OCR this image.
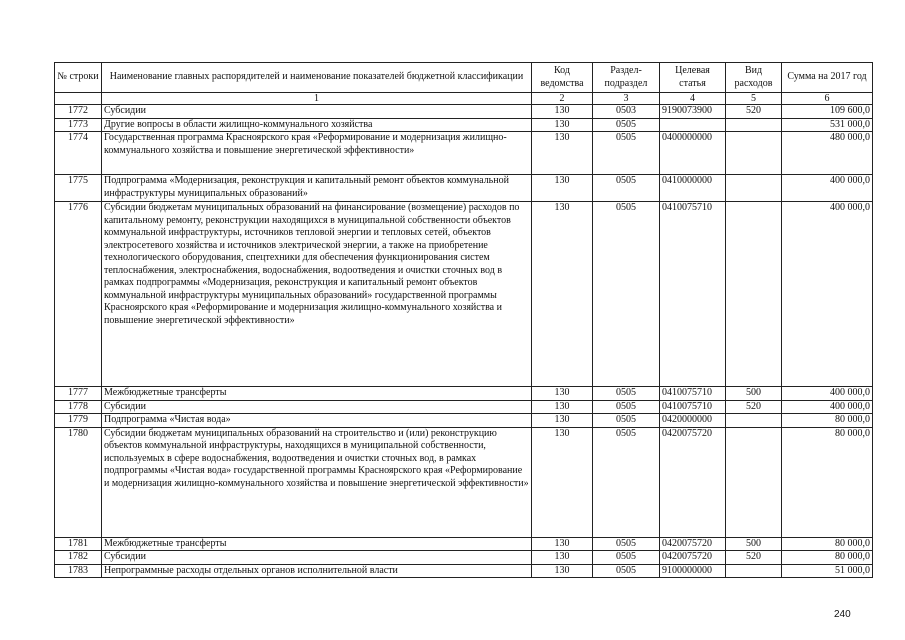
№ строки	Наименование главных распорядителей и наименование показателей бюджетной классификации	Код ведомства	Раздел-подраздел	Целевая статья	Вид расходов	Сумма на 2017 год
	1	2	3	4	5	6
1772	Субсидии	130	0503	9190073900	520	109 600,0
1773	Другие вопросы в области жилищно-коммунального хозяйства	130	0505			531 000,0
1774	Государственная программа Красноярского края «Реформирование и модернизация жилищно-коммунального хозяйства и повышение энергетической эффективности»	130	0505	0400000000		480 000,0
1775	Подпрограмма «Модернизация, реконструкция и капитальный ремонт объектов коммунальной инфраструктуры муниципальных образований»	130	0505	0410000000		400 000,0
1776	Субсидии бюджетам муниципальных образований на финансирование (возмещение) расходов по капитальному ремонту, реконструкции находящихся в муниципальной собственности объектов коммунальной инфраструктуры, источников тепловой энергии и тепловых сетей, объектов электросетевого хозяйства и источников электрической энергии, а также на приобретение технологического оборудования, спецтехники для обеспечения функционирования систем теплоснабжения, электроснабжения, водоснабжения, водоотведения и очистки сточных вод в рамках подпрограммы «Модернизация, реконструкция и капитальный ремонт объектов коммунальной инфраструктуры муниципальных образований» государственной программы Красноярского края «Реформирование и модернизация жилищно-коммунального хозяйства и повышение энергетической эффективности»	130	0505	0410075710		400 000,0
1777	Межбюджетные трансферты	130	0505	0410075710	500	400 000,0
1778	Субсидии	130	0505	0410075710	520	400 000,0
1779	Подпрограмма «Чистая вода»	130	0505	0420000000		80 000,0
1780	Субсидии бюджетам муниципальных образований на строительство и (или) реконструкцию объектов коммунальной инфраструктуры, находящихся в муниципальной собственности, используемых в сфере водоснабжения, водоотведения и очистки сточных вод, в рамках подпрограммы «Чистая вода» государственной программы Красноярского края «Реформирование и модернизация жилищно-коммунального хозяйства и повышение энергетической эффективности»	130	0505	0420075720		80 000,0
1781	Межбюджетные трансферты	130	0505	0420075720	500	80 000,0
1782	Субсидии	130	0505	0420075720	520	80 000,0
1783	Непрограммные расходы отдельных органов исполнительной власти	130	0505	9100000000		51 000,0
240
